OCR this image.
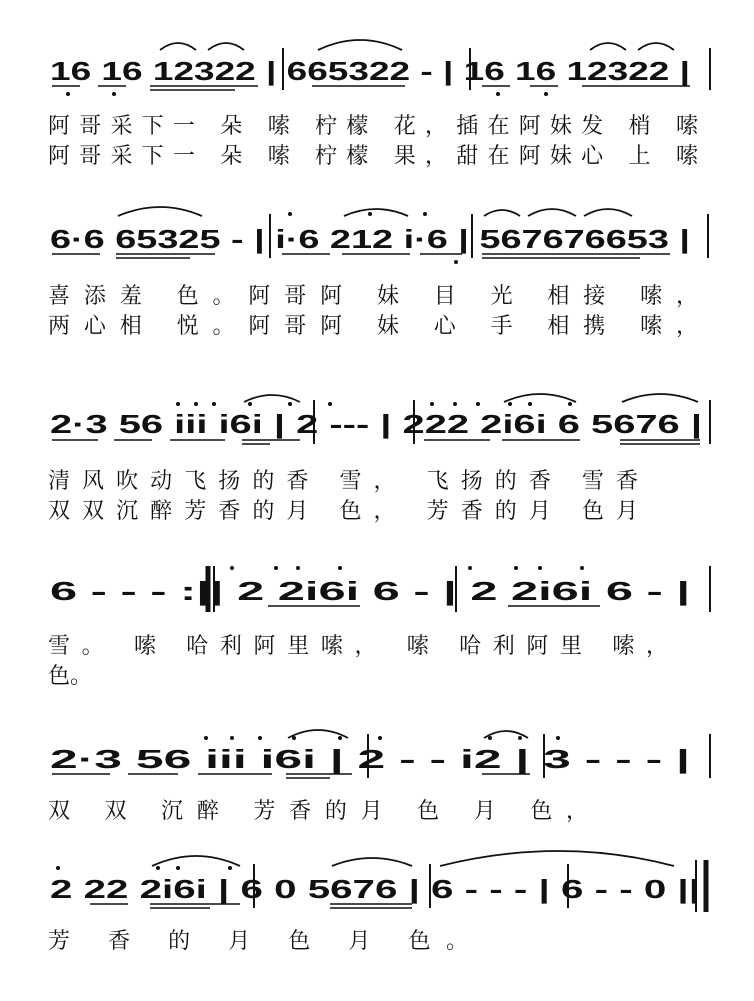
16 16 12322 | 665322 - | 16 16 12322 |
阿哥采下一 朵 嗦 柠檬 花，插在阿妹发 梢 嗦
阿哥采下一 朵 嗦 柠檬 果，甜在阿妹心 上 嗦
6·6 65325 - | i·6 212 i·6 | 567676653 |
喜添羞 色。阿哥阿 妹 目 光 相接 嗦，
两心相 悦。阿哥阿 妹 心 手 相携 嗦，
2·3 56 iii i6i | 2 --- | 222 2i6i 6 5676 |
清风吹动飞扬的香 雪， 飞扬的香 雪香
双双沉醉芳香的月 色， 芳香的月 色月
6 - - - :|| 2 2i6i 6 - | 2 2i6i 6 - |
雪。 嗦 哈利阿里嗦， 嗦 哈利阿里 嗦，
色。
2·3 56 iii i6i | 2 - - i2 | 3 - - - |
双 双 沉醉 芳香的月 色 月 色，
2 22 2i6i | 6 0 5676 | 6 - - - | 6 - - 0 ||
芳 香 的 月 色 月 色。
